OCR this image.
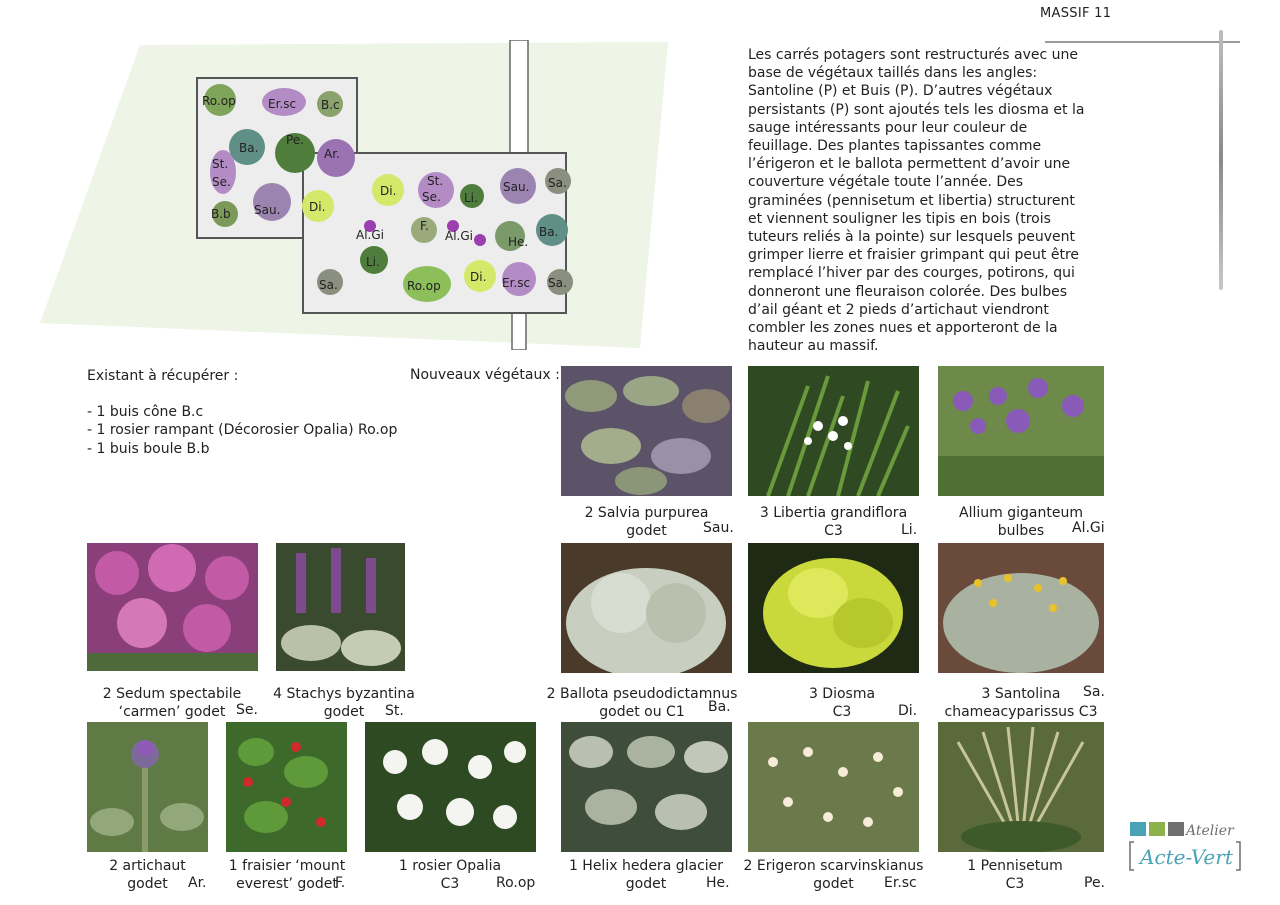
MASSIF 11
Les carrés potagers sont restructurés avec une base de végétaux taillés dans les angles: Santoline (P) et Buis (P). D’autres végétaux persistants (P) sont ajoutés tels les diosma et la sauge intéressants pour leur couleur de feuillage. Des plantes tapissantes comme l’érigeron et le ballota permettent d’avoir une couverture végétale toute l’année. Des graminées (pennisetum et libertia) structurent et viennent souligner les tipis en bois (trois tuteurs reliés à la pointe) sur lesquels peuvent grimper lierre et fraisier grimpant qui peut être remplacé l’hiver par des courges, potirons, qui donneront une fleuraison colorée. Des bulbes d’ail géant et 2 pieds d’artichaut viendront combler les zones nues et apporteront de la hauteur au massif.
Ro.op	Er.sc B.c
Ba.
Pe.
Ar.
St.
Se.
Sau. Di.
B.b
Di.
St.
Se. Li.
Sau. Sa.
Al.Gi
F.
Al.Gi	He.
Ba.
Li.
Sa.	Ro.op
Di. Er.sc Sa.
Existant à récupérer :
- 1 buis cône B.c
- 1 rosier rampant (Décorosier Opalia) Ro.op
- 1 buis boule B.b
Nouveaux végétaux :
2 Salvia purpurea
godet	Sau.
3 Libertia grandiflora
C3	Li.
Allium giganteum
bulbes	Al.Gi
2 Sedum spectabile
‘carmen’ godet Se.
4 Stachys byzantina
godet	St.
2 Ballota pseudodictamnus
godet ou C1	Ba.
3 Diosma
C3	Di.
3 Santolina
chameacyparissus C3
Sa.
2 artichaut
godet	Ar.
1 fraisier ‘mount
everest’ godet
F.
1 rosier Opalia
C3	Ro.op
1 Helix hedera glacier
godet	He.
2 Erigeron scarvinskianus
godet	Er.sc
1 Pennisetum
C3	Pe.
Atelier
Acte-Vert
